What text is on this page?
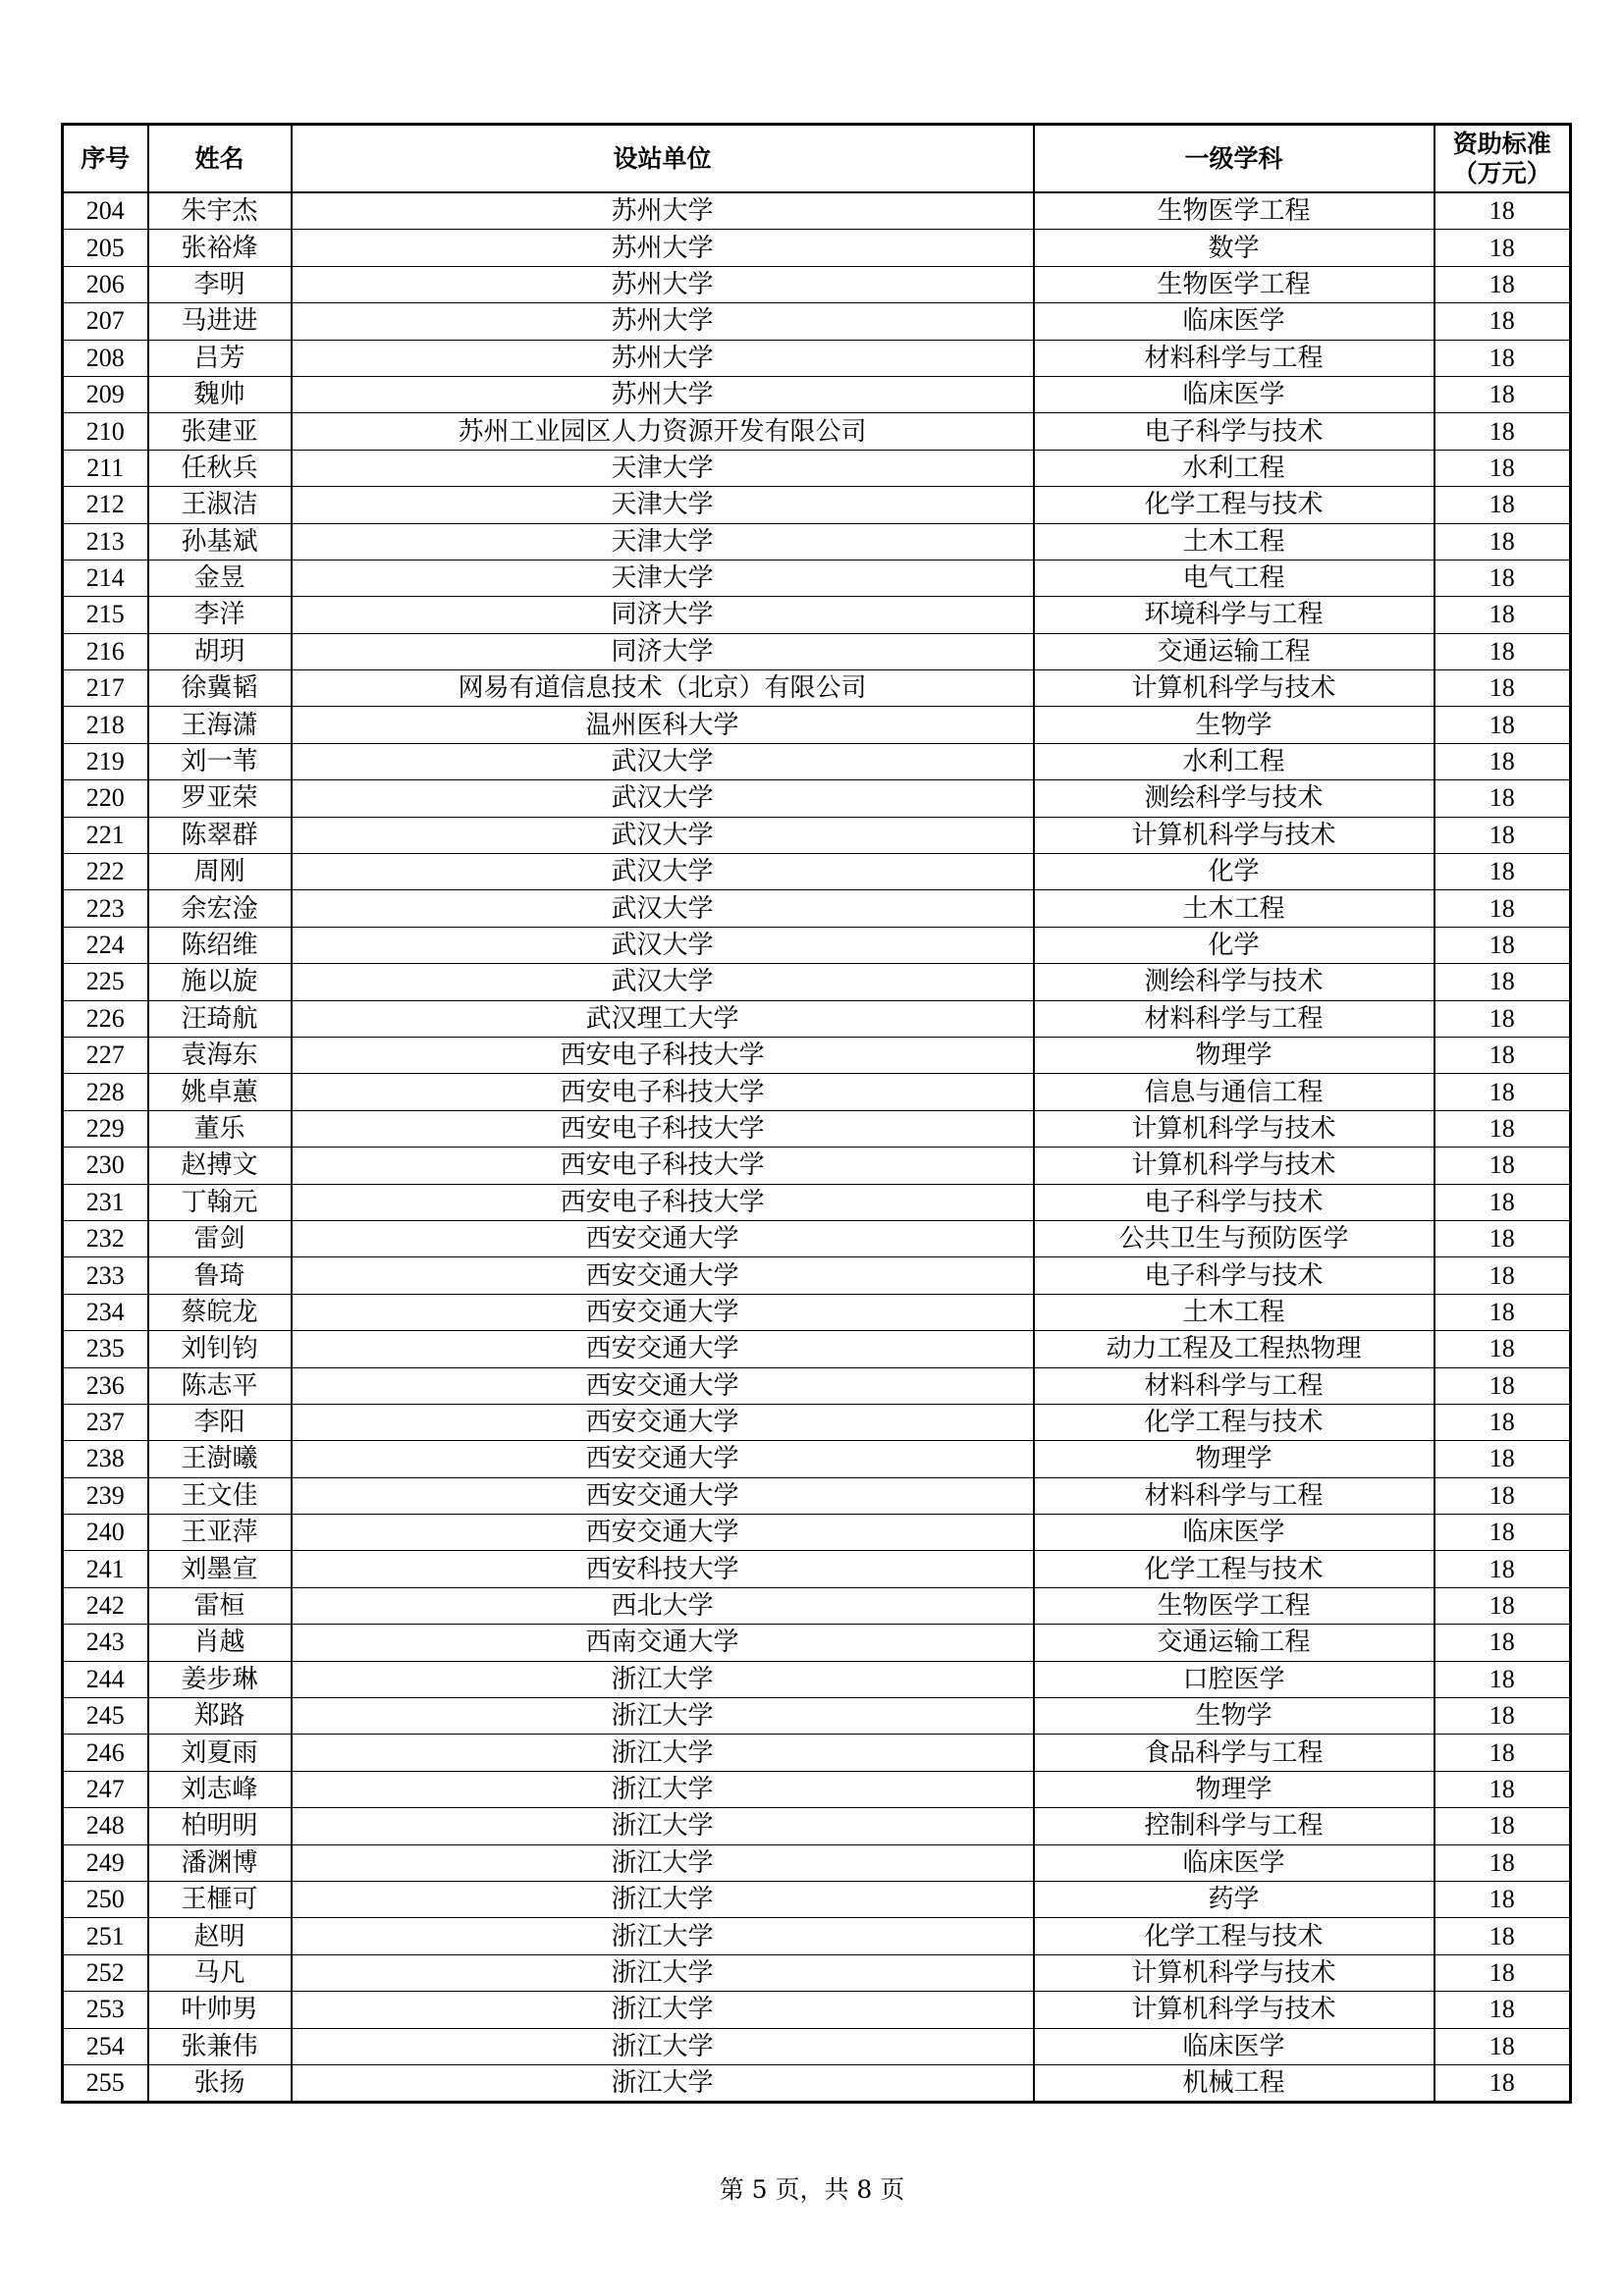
序号	姓名	设站单位	一级学科	资助标准
（万元）
204	朱宇杰	苏州大学	生物医学工程	18
205	张裕烽	苏州大学	数学	18
206	李明	苏州大学	生物医学工程	18
207	马进进	苏州大学	临床医学	18
208	吕芳	苏州大学	材料科学与工程	18
209	魏帅	苏州大学	临床医学	18
210	张建亚	苏州工业园区人力资源开发有限公司	电子科学与技术	18
211	任秋兵	天津大学	水利工程	18
212	王淑洁	天津大学	化学工程与技术	18
213	孙基斌	天津大学	土木工程	18
214	金昱	天津大学	电气工程	18
215	李洋	同济大学	环境科学与工程	18
216	胡玥	同济大学	交通运输工程	18
217	徐冀韬	网易有道信息技术（北京）有限公司	计算机科学与技术	18
218	王海潇	温州医科大学	生物学	18
219	刘一苇	武汉大学	水利工程	18
220	罗亚荣	武汉大学	测绘科学与技术	18
221	陈翠群	武汉大学	计算机科学与技术	18
222	周刚	武汉大学	化学	18
223	余宏淦	武汉大学	土木工程	18
224	陈绍维	武汉大学	化学	18
225	施以旋	武汉大学	测绘科学与技术	18
226	汪琦航	武汉理工大学	材料科学与工程	18
227	袁海东	西安电子科技大学	物理学	18
228	姚卓蕙	西安电子科技大学	信息与通信工程	18
229	董乐	西安电子科技大学	计算机科学与技术	18
230	赵搏文	西安电子科技大学	计算机科学与技术	18
231	丁翰元	西安电子科技大学	电子科学与技术	18
232	雷剑	西安交通大学	公共卫生与预防医学	18
233	鲁琦	西安交通大学	电子科学与技术	18
234	蔡皖龙	西安交通大学	土木工程	18
235	刘钊钧	西安交通大学	动力工程及工程热物理	18
236	陈志平	西安交通大学	材料科学与工程	18
237	李阳	西安交通大学	化学工程与技术	18
238	王澍曦	西安交通大学	物理学	18
239	王文佳	西安交通大学	材料科学与工程	18
240	王亚萍	西安交通大学	临床医学	18
241	刘墨宣	西安科技大学	化学工程与技术	18
242	雷桓	西北大学	生物医学工程	18
243	肖越	西南交通大学	交通运输工程	18
244	姜步琳	浙江大学	口腔医学	18
245	郑路	浙江大学	生物学	18
246	刘夏雨	浙江大学	食品科学与工程	18
247	刘志峰	浙江大学	物理学	18
248	柏明明	浙江大学	控制科学与工程	18
249	潘渊博	浙江大学	临床医学	18
250	王榧可	浙江大学	药学	18
251	赵明	浙江大学	化学工程与技术	18
252	马凡	浙江大学	计算机科学与技术	18
253	叶帅男	浙江大学	计算机科学与技术	18
254	张兼伟	浙江大学	临床医学	18
255	张扬	浙江大学	机械工程	18
第 5 页，共 8 页
